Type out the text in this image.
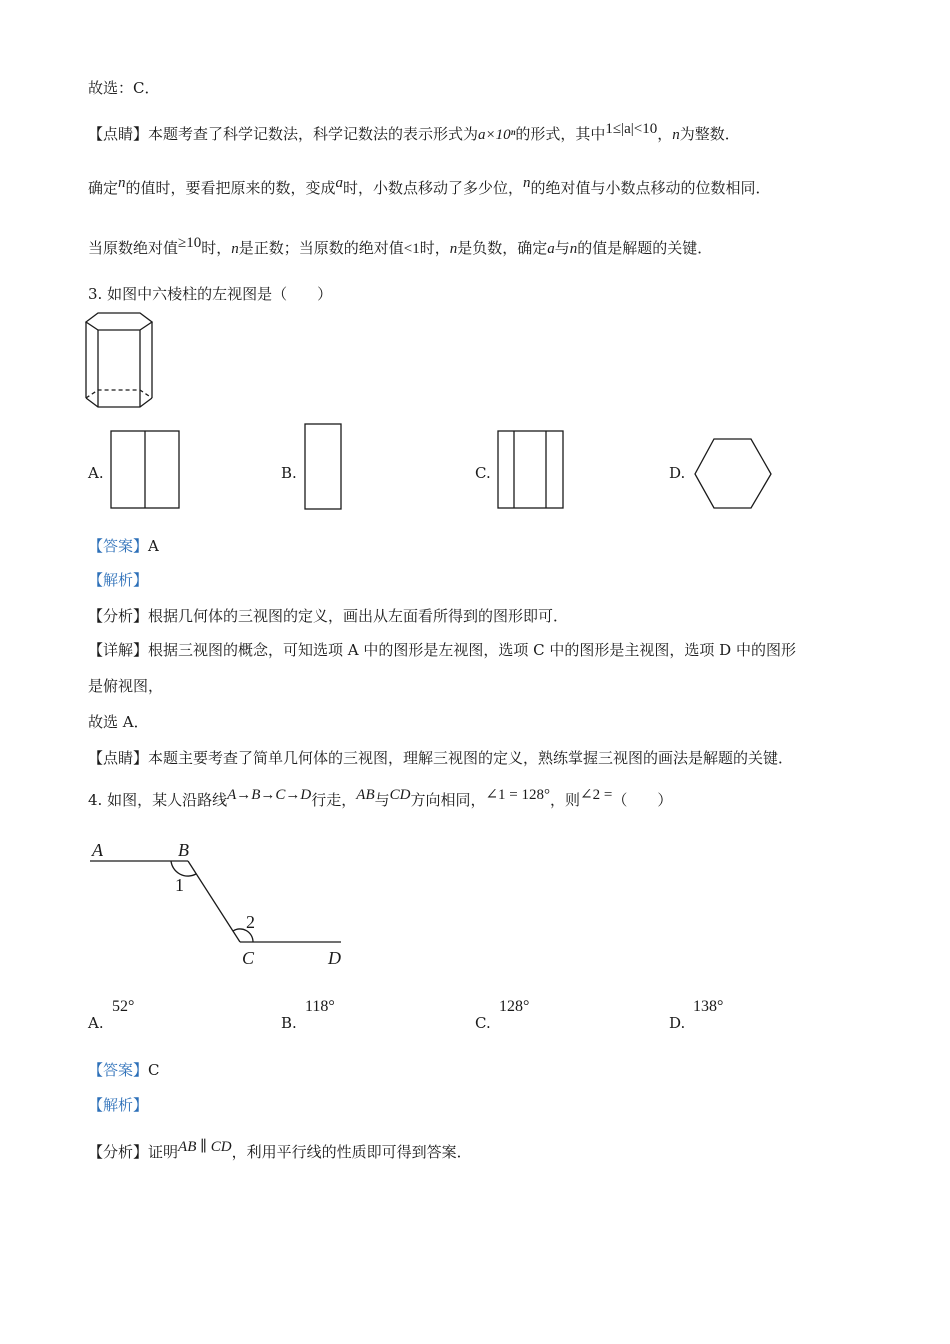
故选：C．
【点睛】本题考查了科学记数法，科学记数法的表示形式为a×10ⁿ的形式，其中1≤|a|<10，n为整数．
确定n的值时，要看把原来的数，变成a时，小数点移动了多少位，n的绝对值与小数点移动的位数相同．
当原数绝对值≥10时，n是正数；当原数的绝对值<1时，n是负数，确定a与n的值是解题的关键．
3. 如图中六棱柱的左视图是（　　）
A.	B.	C.	D.
【答案】A
【解析】
【分析】根据几何体的三视图的定义，画出从左面看所得到的图形即可．
【详解】根据三视图的概念，可知选项 A 中的图形是左视图，选项 C 中的图形是主视图，选项 D 中的图形
是俯视图，
故选 A．
【点睛】本题主要考查了简单几何体的三视图，理解三视图的定义，熟练掌握三视图的画法是解题的关键．
4. 如图，某人沿路线A→B→C→D行走，AB与CD方向相同，∠1 = 128°，则∠2 =（　　）
A	B
1
2
C	D
A.
52°
B.
118°
C.
128°
D.
138°
【答案】C
【解析】
【分析】证明AB ∥ CD，利用平行线的性质即可得到答案．
